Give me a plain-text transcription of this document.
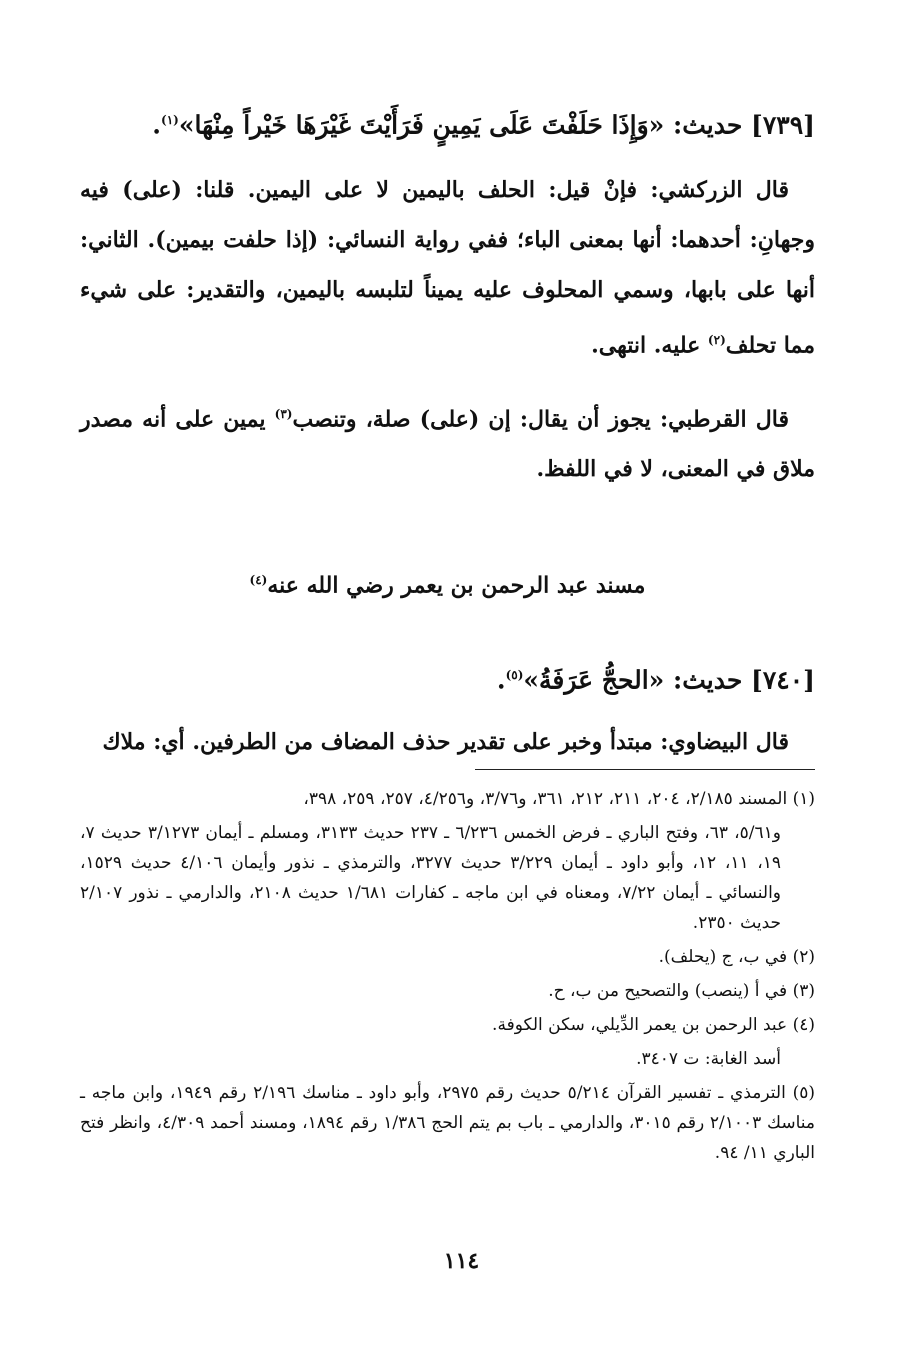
[٧٣٩] حديث: «وَإِذَا حَلَفْتَ عَلَى يَمِينٍ فَرَأَيْتَ غَيْرَهَا خَيْراً مِنْهَا»$^{(١)}$.

قال الزركشي: فإنْ قيل: الحلف باليمين لا على اليمين. قلنا: (على) فيه وجهانِ: أحدهما: أنها بمعنى الباء؛ ففي رواية النسائي: (إذا حلفت بيمين). الثاني: أنها على بابها، وسمي المحلوف عليه يميناً لتلبسه باليمين، والتقدير: على شيء مما تحلف$^{(٢)}$ عليه. انتهى.

قال القرطبي: يجوز أن يقال: إن (على) صلة، وتنصب$^{(٣)}$ يمين على أنه مصدر ملاق في المعنى، لا في اللفظ.

مسند عبد الرحمن بن يعمر رضي الله عنه$^{(٤)}$

[٧٤٠] حديث: «الحجُّ عَرَفَةُ»$^{(٥)}$.

قال البيضاوي: مبتدأ وخبر على تقدير حذف المضاف من الطرفين. أي: ملاك

(١) المسند ٢/١٨٥، ٢٠٤، ٢١١، ٢١٢، ٣٦١، و٣/٧٦، و٤/٢٥٦، ٢٥٧، ٢٥٩، ٣٩٨،

و٥/٦١، ٦٣، وفتح الباري ـ فرض الخمس ٦/٢٣٦ ـ ٢٣٧ حديث ٣١٣٣، ومسلم ـ أيمان ٣/١٢٧٣ حديث ٧، ١٩، ١١، ١٢، وأبو داود ـ أيمان ٣/٢٢٩ حديث ٣٢٧٧، والترمذي ـ نذور وأيمان ٤/١٠٦ حديث ١٥٢٩، والنسائي ـ أيمان ٧/٢٢، ومعناه في ابن ماجه ـ كفارات ١/٦٨١ حديث ٢١٠٨، والدارمي ـ نذور ٢/١٠٧ حديث ٢٣٥٠.

(٢) في ب، ج (يحلف).

(٣) في أ (ينصب) والتصحيح من ب، ح.

(٤) عبد الرحمن بن يعمر الدِّيلي، سكن الكوفة.

أسد الغابة: ت ٣٤٠٧.

(٥) الترمذي ـ تفسير القرآن ٥/٢١٤ حديث رقم ٢٩٧٥، وأبو داود ـ مناسك ٢/١٩٦ رقم ١٩٤٩، وابن ماجه ـ مناسك ٢/١٠٠٣ رقم ٣٠١٥، والدارمي ـ باب بم يتم الحج ١/٣٨٦ رقم ١٨٩٤، ومسند أحمد ٤/٣٠٩، وانظر فتح الباري ١١/ ٩٤.

١١٤
